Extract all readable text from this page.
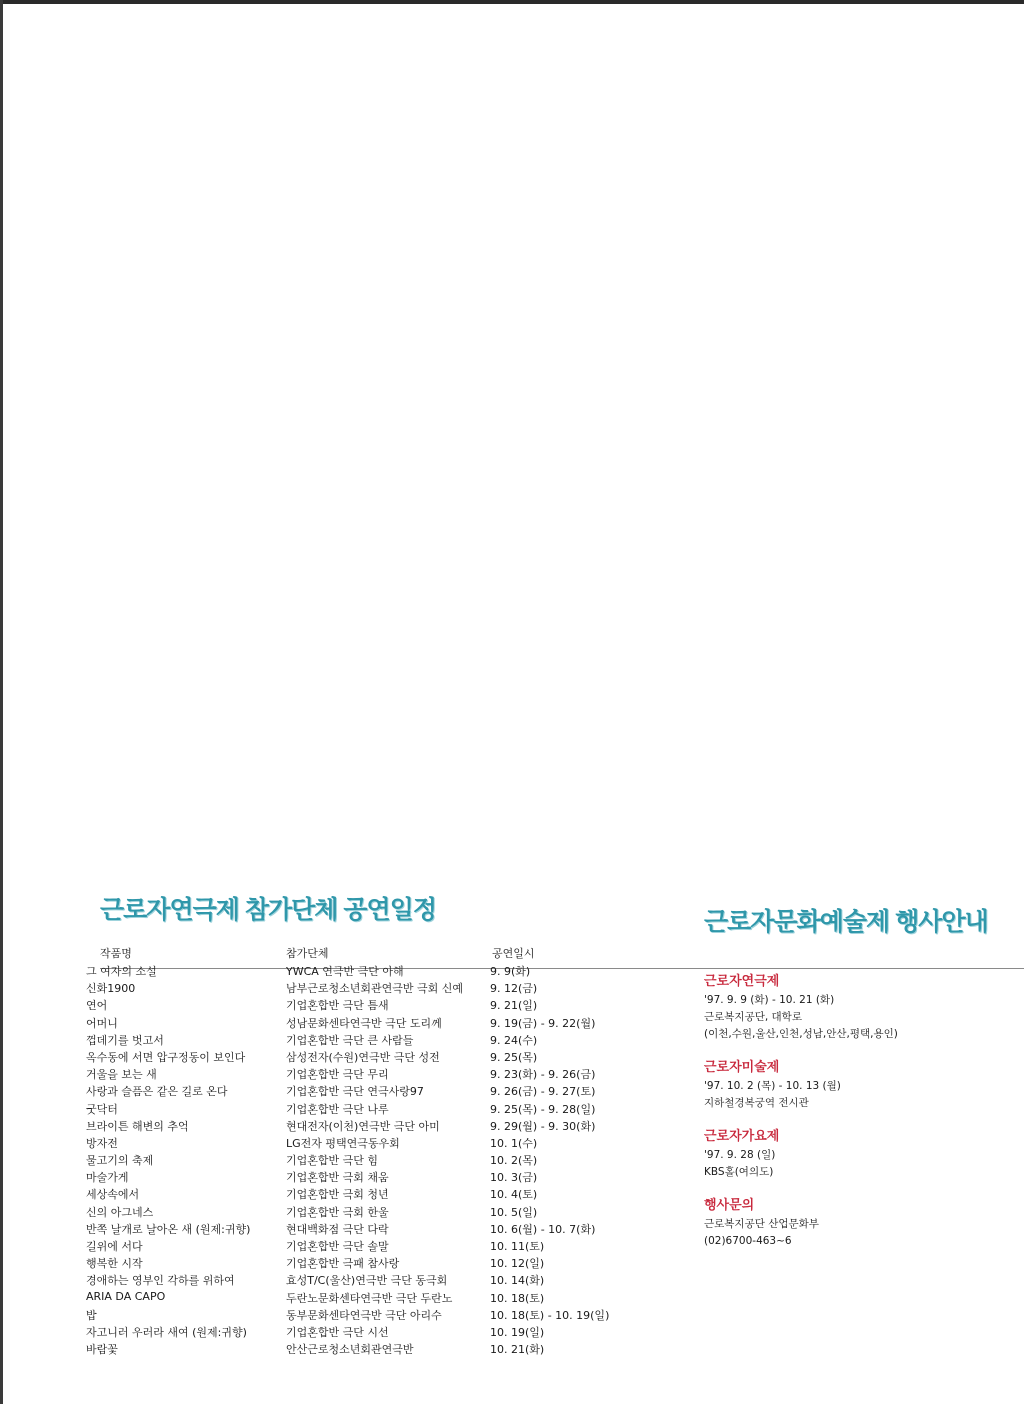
근로자연극제 참가단체 공연일정	근로자문화예술제 행사안내
작품명	참가단체	공연일시
그 여자의 소설	YWCA 연극반 극단 아해	9. 9(화)
신화1900	남부근로청소년회관연극반 극회 신예 9. 12(금)
연어	기업혼합반 극단 틈새	9. 21(일)
어머니	성남문화센타연극반 극단 도리께	9. 19(금) - 9. 22(월)
껍데기를 벗고서	기업혼합반 극단 큰 사람들	9. 24(수)
옥수동에 서면 압구정동이 보인다	삼성전자(수원)연극반 극단 성전	9. 25(목)
거울을 보는 새	기업혼합반 극단 무리	9. 23(화) - 9. 26(금)
사랑과 슬픔은 같은 길로 온다	기업혼합반 극단 연극사랑97	9. 26(금) - 9. 27(토)
굿닥터	기업혼합반 극단 나루	9. 25(목) - 9. 28(일)
브라이튼 해변의 추억	현대전자(이천)연극반 극단 아미	9. 29(월) - 9. 30(화)
방자전	LG전자 평택연극동우회	10. 1(수)
물고기의 축제	기업혼합반 극단 힘	10. 2(목)
마술가게	기업혼합반 극회 채움	10. 3(금)
세상속에서	기업혼합반 극회 청년	10. 4(토)
신의 아그네스	기업혼합반 극회 한울	10. 5(일)
반쪽 날개로 날아온 새 (원제:귀향)	현대백화점 극단 다락	10. 6(월) - 10. 7(화)
길위에 서다	기업혼합반 극단 솔말	10. 11(토)
행복한 시작	기업혼합반 극패 참사랑	10. 12(일)
경애하는 영부인 각하를 위하여	효성T/C(울산)연극반 극단 동극회	10. 14(화)
ARIA DA CAPO	두란노문화센타연극반 극단 두란노	10. 18(토)
밥	동부문화센타연극반 극단 아리수	10. 18(토) - 10. 19(일)
자고니러 우러라 새여 (원제:귀향)	기업혼합반 극단 시선	10. 19(일)
바람꽃	안산근로청소년회관연극반	10. 21(화)
근로자연극제
'97. 9. 9 (화) - 10. 21 (화)
근로복지공단, 대학로
(이천,수원,울산,인천,성남,안산,평택,용인)
근로자미술제
'97. 10. 2 (목) - 10. 13 (월)
지하철경복궁역 전시관
근로자가요제
'97. 9. 28 (일)
KBS홀(여의도)
행사문의
근로복지공단 산업문화부
(02)6700-463~6
